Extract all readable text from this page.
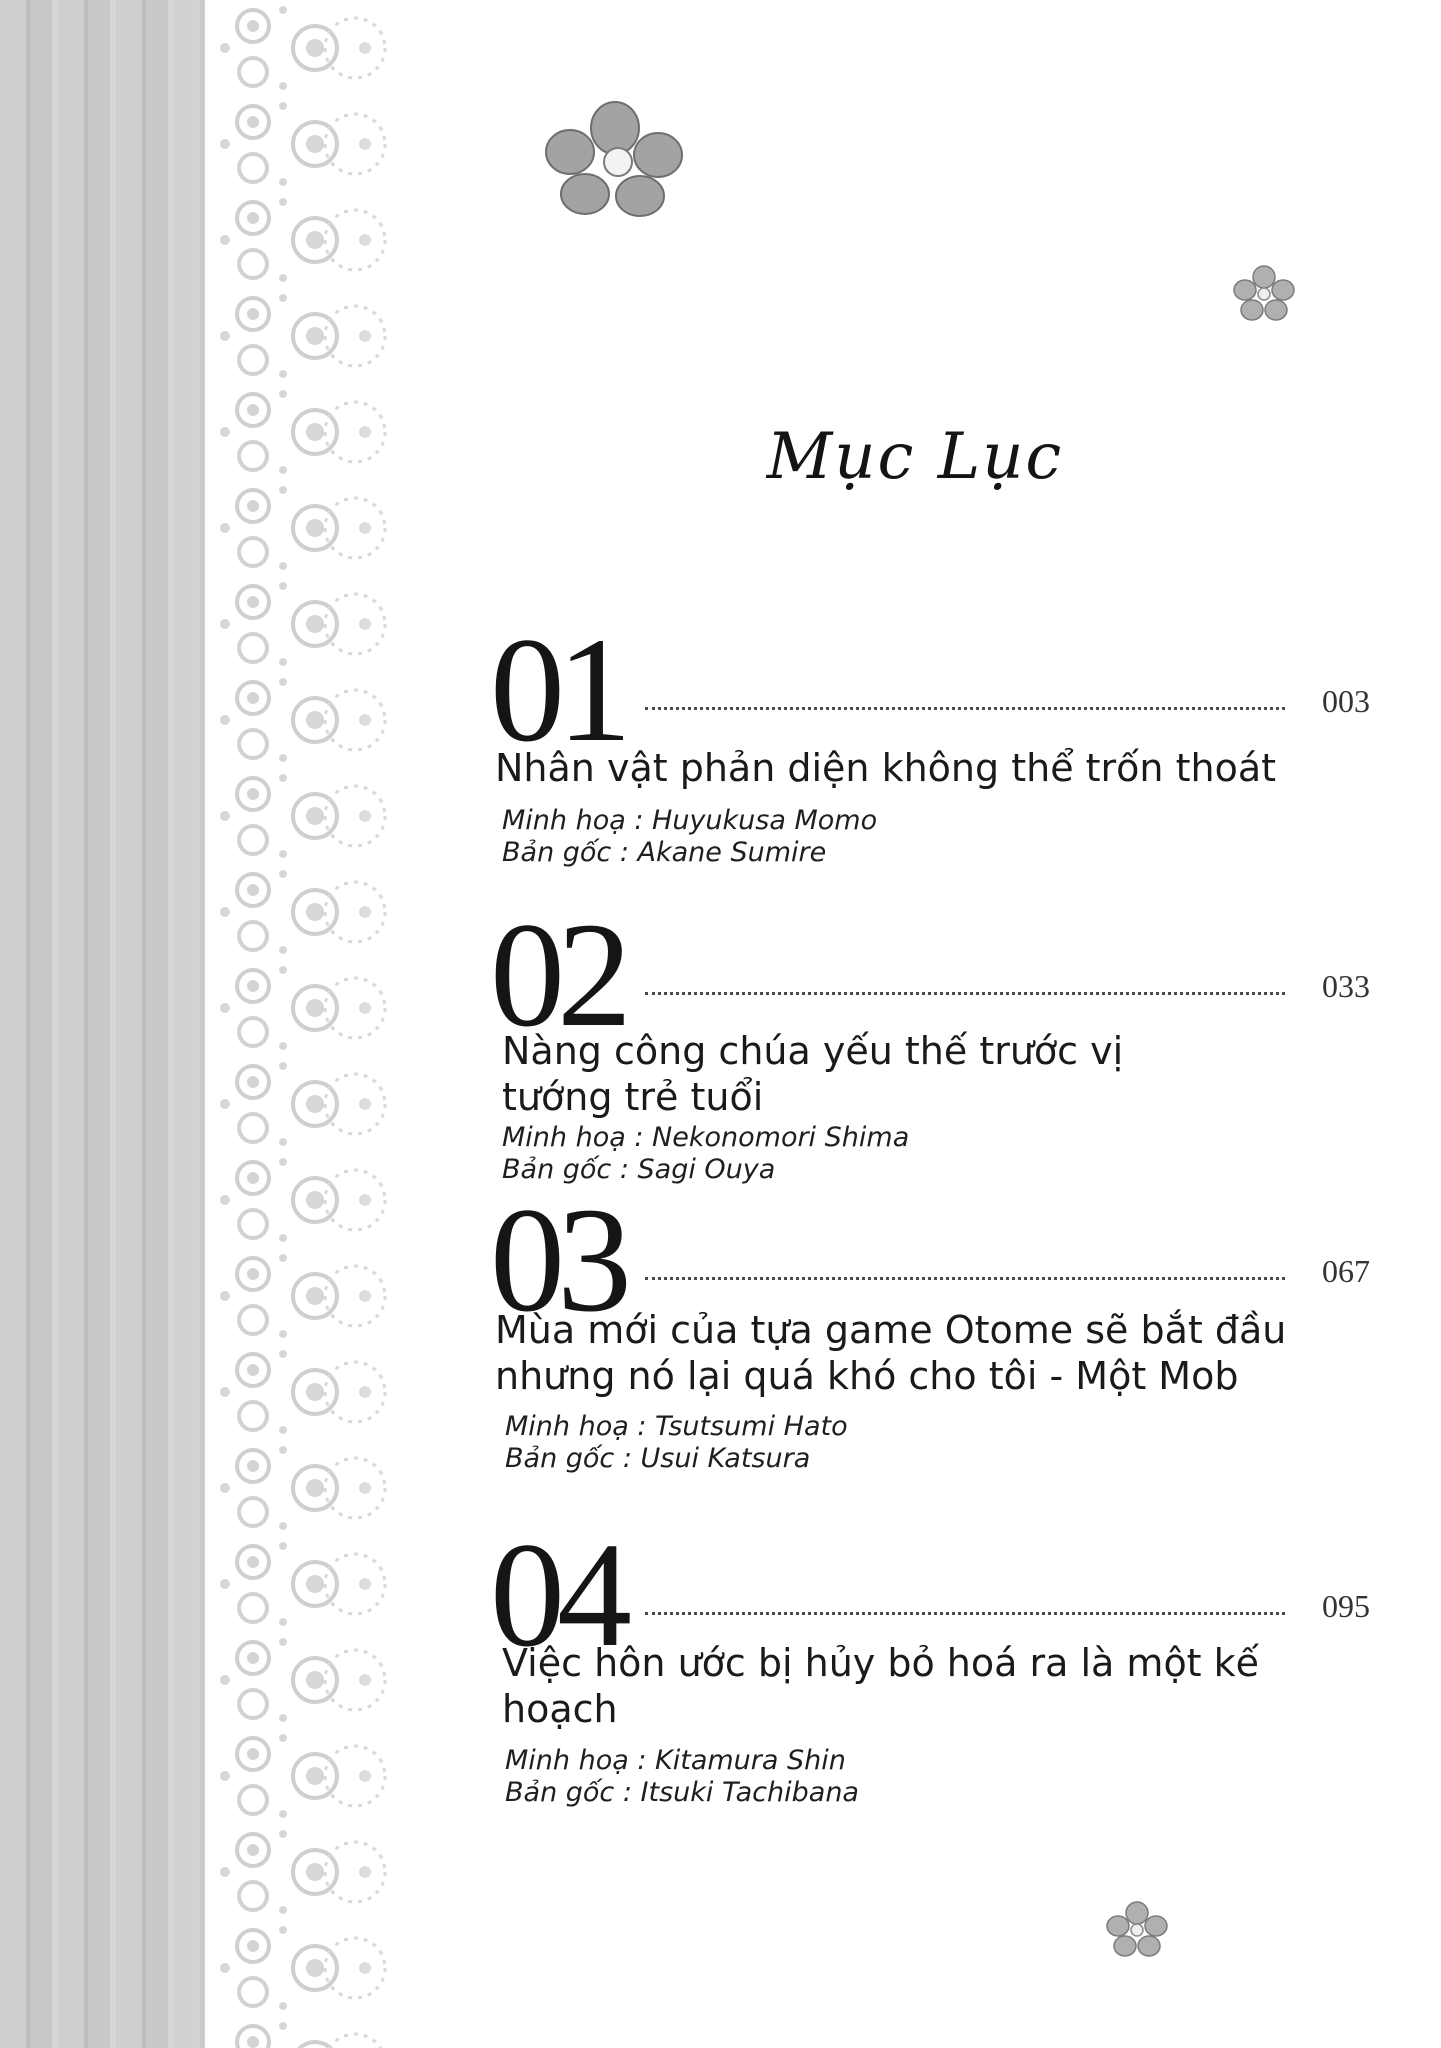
Mục Lục
01	003
Nhân vật phản diện không thể trốn thoát
Minh hoạ : Huyukusa Momo
Bản gốc : Akane Sumire
02	033
Nàng công chúa yếu thế trước vị tướng trẻ tuổi
Minh hoạ : Nekonomori Shima
Bản gốc : Sagi Ouya
03	067
Mùa mới của tựa game Otome sẽ bắt đầu nhưng nó lại quá khó cho tôi - Một Mob
Minh hoạ : Tsutsumi Hato
Bản gốc : Usui Katsura
04	095
Việc hôn ước bị hủy bỏ hoá ra là một kế hoạch
Minh hoạ : Kitamura Shin
Bản gốc : Itsuki Tachibana
